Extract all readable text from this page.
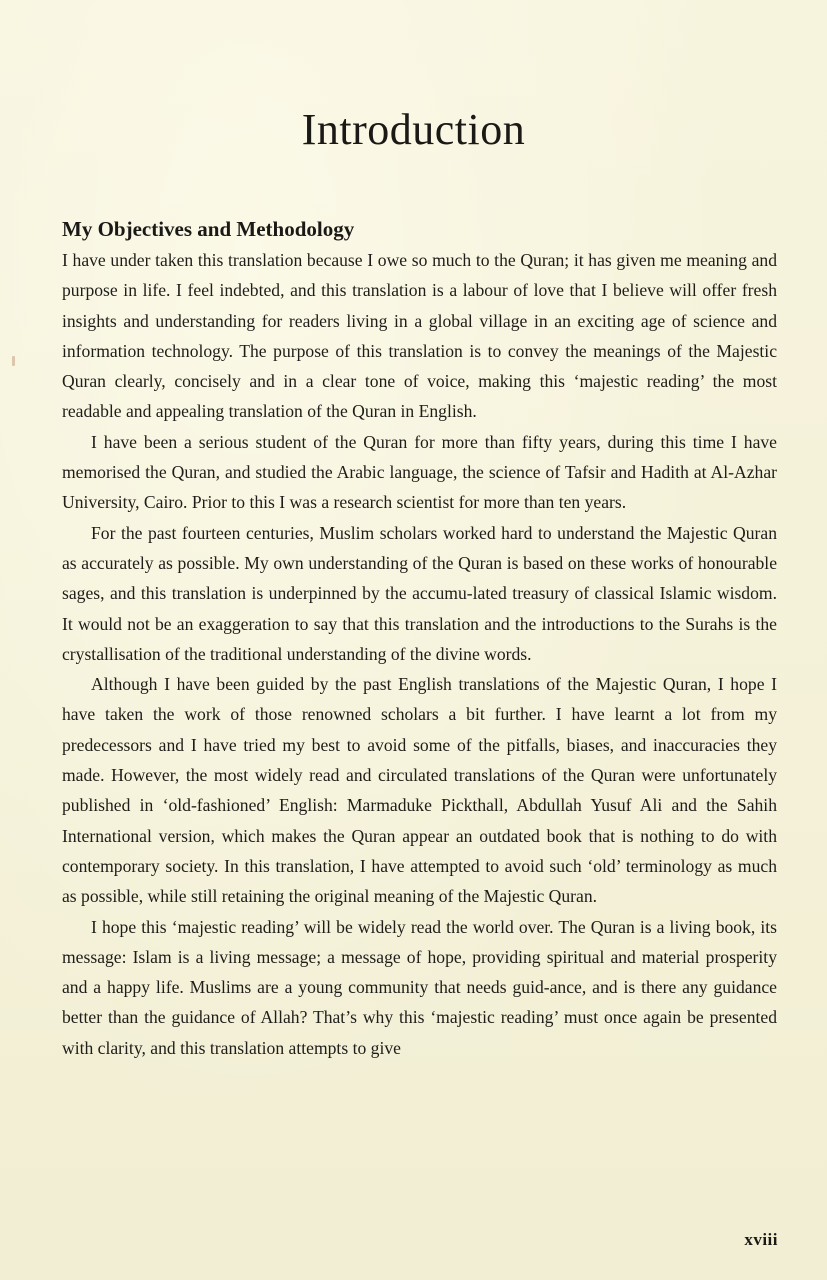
Introduction
My Objectives and Methodology

I have under taken this translation because I owe so much to the Quran; it has given me meaning and purpose in life. I feel indebted, and this translation is a labour of love that I believe will offer fresh insights and understanding for readers living in a global village in an exciting age of science and information technology. The purpose of this translation is to convey the meanings of the Majestic Quran clearly, concisely and in a clear tone of voice, making this ‘majestic reading’ the most readable and appealing translation of the Quran in English.

I have been a serious student of the Quran for more than fifty years, during this time I have memorised the Quran, and studied the Arabic language, the science of Tafsir and Hadith at Al-Azhar University, Cairo. Prior to this I was a research scientist for more than ten years.

For the past fourteen centuries, Muslim scholars worked hard to understand the Majestic Quran as accurately as possible. My own understanding of the Quran is based on these works of honourable sages, and this translation is underpinned by the accumu-lated treasury of classical Islamic wisdom. It would not be an exaggeration to say that this translation and the introductions to the Surahs is the crystallisation of the traditional understanding of the divine words.

Although I have been guided by the past English translations of the Majestic Quran, I hope I have taken the work of those renowned scholars a bit further. I have learnt a lot from my predecessors and I have tried my best to avoid some of the pitfalls, biases, and inaccuracies they made. However, the most widely read and circulated translations of the Quran were unfortunately published in ‘old-fashioned’ English: Marmaduke Pickthall, Abdullah Yusuf Ali and the Sahih International version, which makes the Quran appear an outdated book that is nothing to do with contemporary society. In this translation, I have attempted to avoid such ‘old’ terminology as much as possible, while still retaining the original meaning of the Majestic Quran.

I hope this ‘majestic reading’ will be widely read the world over. The Quran is a living book, its message: Islam is a living message; a message of hope, providing spiritual and material prosperity and a happy life. Muslims are a young community that needs guid-ance, and is there any guidance better than the guidance of Allah? That’s why this ‘majestic reading’ must once again be presented with clarity, and this translation attempts to give

xviii
